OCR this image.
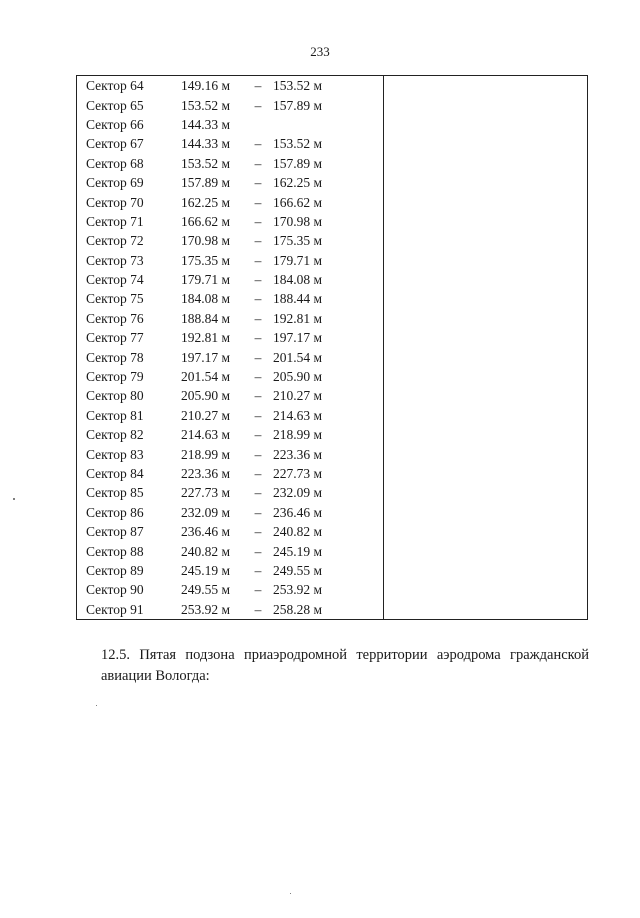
233
Сектор 64	149.16 м	–	153.52 м
Сектор 65	153.52 м	–	157.89 м
Сектор 66	144.33 м		
Сектор 67	144.33 м	–	153.52 м
Сектор 68	153.52 м	–	157.89 м
Сектор 69	157.89 м	–	162.25 м
Сектор 70	162.25 м	–	166.62 м
Сектор 71	166.62 м	–	170.98 м
Сектор 72	170.98 м	–	175.35 м
Сектор 73	175.35 м	–	179.71 м
Сектор 74	179.71 м	–	184.08 м
Сектор 75	184.08 м	–	188.44 м
Сектор 76	188.84 м	–	192.81 м
Сектор 77	192.81 м	–	197.17 м
Сектор 78	197.17 м	–	201.54 м
Сектор 79	201.54 м	–	205.90 м
Сектор 80	205.90 м	–	210.27 м
Сектор 81	210.27 м	–	214.63 м
Сектор 82	214.63 м	–	218.99 м
Сектор 83	218.99 м	–	223.36 м
Сектор 84	223.36 м	–	227.73 м
Сектор 85	227.73 м	–	232.09 м
Сектор 86	232.09 м	–	236.46 м
Сектор 87	236.46 м	–	240.82 м
Сектор 88	240.82 м	–	245.19 м
Сектор 89	245.19 м	–	249.55 м
Сектор 90	249.55 м	–	253.92 м
Сектор 91	253.92 м	–	258.28 м

12.5. Пятая подзона приаэродромной территории аэродрома гражданской
авиации Вологда:
